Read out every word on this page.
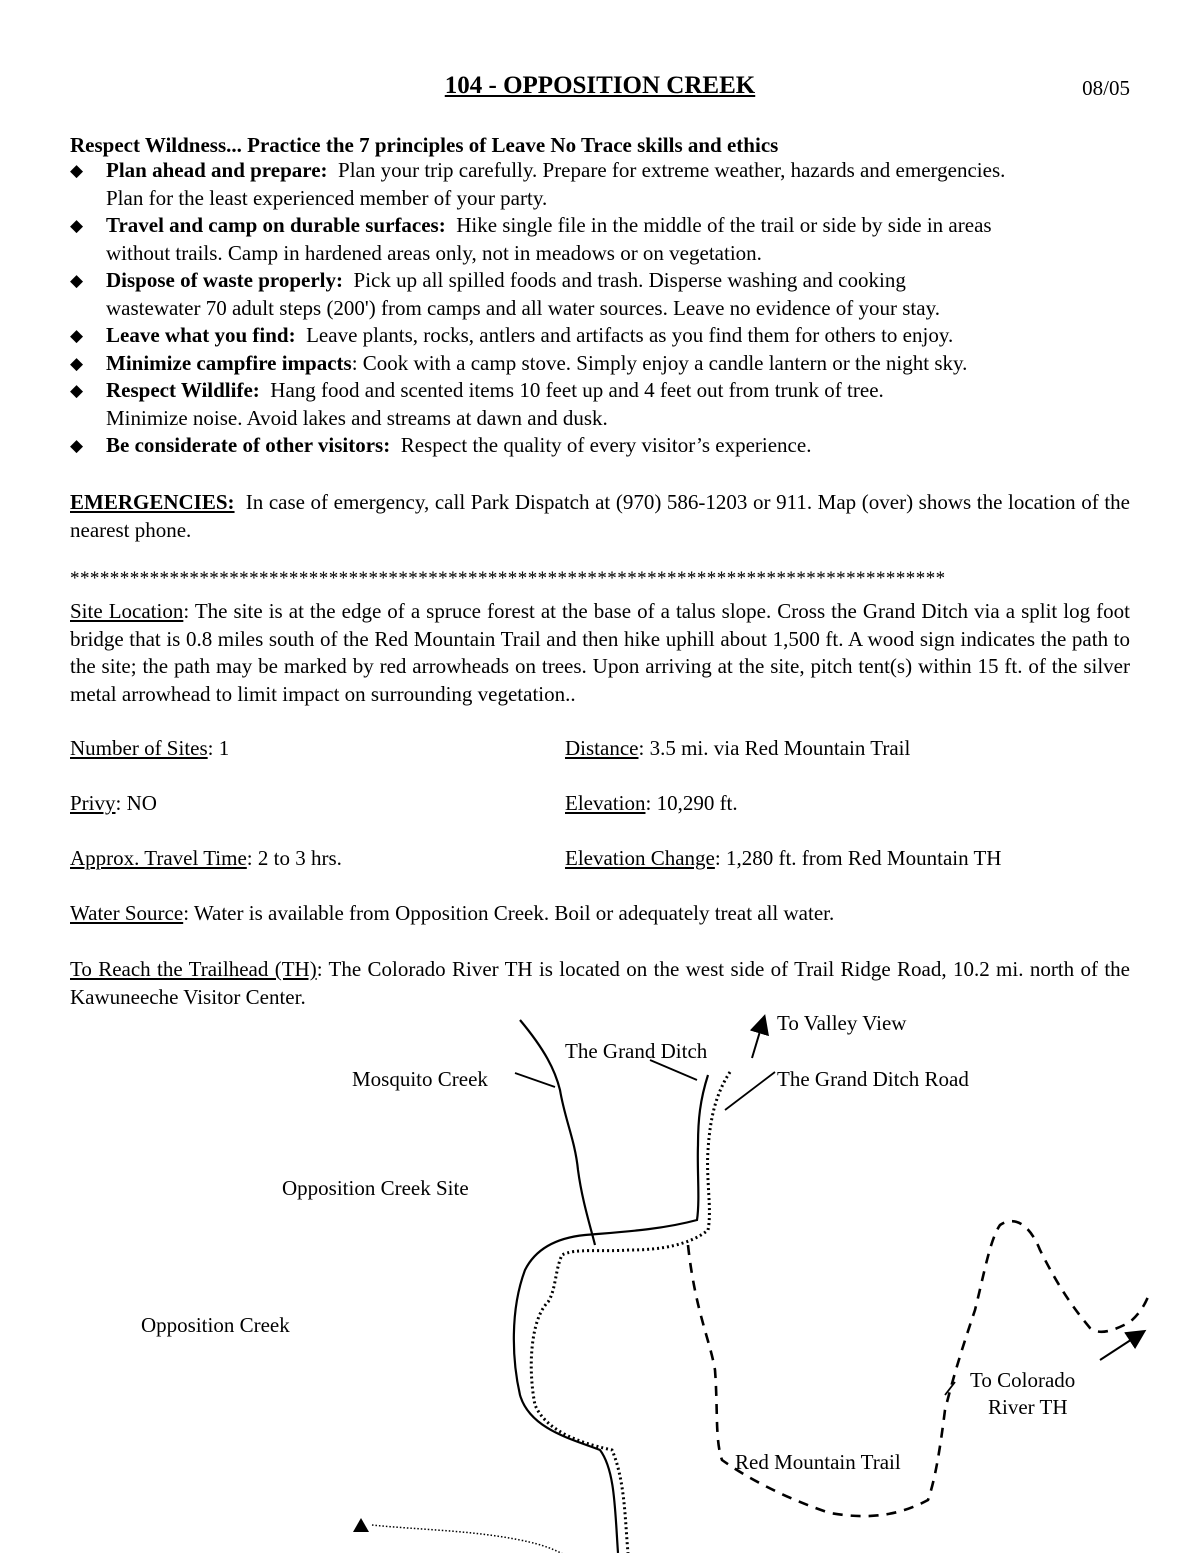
104 - OPPOSITION CREEK	08/05
Respect Wildness... Practice the 7 principles of Leave No Trace skills and ethics
◆ Plan ahead and prepare: Plan your trip carefully. Prepare for extreme weather, hazards and emergencies.
Plan for the least experienced member of your party.
◆ Travel and camp on durable surfaces: Hike single file in the middle of the trail or side by side in areas
without trails. Camp in hardened areas only, not in meadows or on vegetation.
◆ Dispose of waste properly: Pick up all spilled foods and trash. Disperse washing and cooking
wastewater 70 adult steps (200') from camps and all water sources. Leave no evidence of your stay.
◆ Leave what you find: Leave plants, rocks, antlers and artifacts as you find them for others to enjoy.
◆ Minimize campfire impacts: Cook with a camp stove. Simply enjoy a candle lantern or the night sky.
◆ Respect Wildlife: Hang food and scented items 10 feet up and 4 feet out from trunk of tree.
Minimize noise. Avoid lakes and streams at dawn and dusk.
◆ Be considerate of other visitors: Respect the quality of every visitor’s experience.
EMERGENCIES: In case of emergency, call Park Dispatch at (970) 586-1203 or 911. Map (over) shows the location of the nearest phone.
****************************************************************************************
Site Location: The site is at the edge of a spruce forest at the base of a talus slope. Cross the Grand Ditch via a split log foot bridge that is 0.8 miles south of the Red Mountain Trail and then hike uphill about 1,500 ft. A wood sign indicates the path to the site; the path may be marked by red arrowheads on trees. Upon arriving at the site, pitch tent(s) within 15 ft. of the silver metal arrowhead to limit impact on surrounding vegetation..
Number of Sites: 1	Distance: 3.5 mi. via Red Mountain Trail
Privy: NO	Elevation: 10,290 ft.
Approx. Travel Time: 2 to 3 hrs.	Elevation Change: 1,280 ft. from Red Mountain TH
Water Source: Water is available from Opposition Creek. Boil or adequately treat all water.
To Reach the Trailhead (TH): The Colorado River TH is located on the west side of Trail Ridge Road, 10.2 mi. north of the Kawuneeche Visitor Center.
To Valley View
The Grand Ditch
Mosquito Creek	The Grand Ditch Road
Opposition Creek Site
Opposition Creek
To Colorado
River TH
Red Mountain Trail
